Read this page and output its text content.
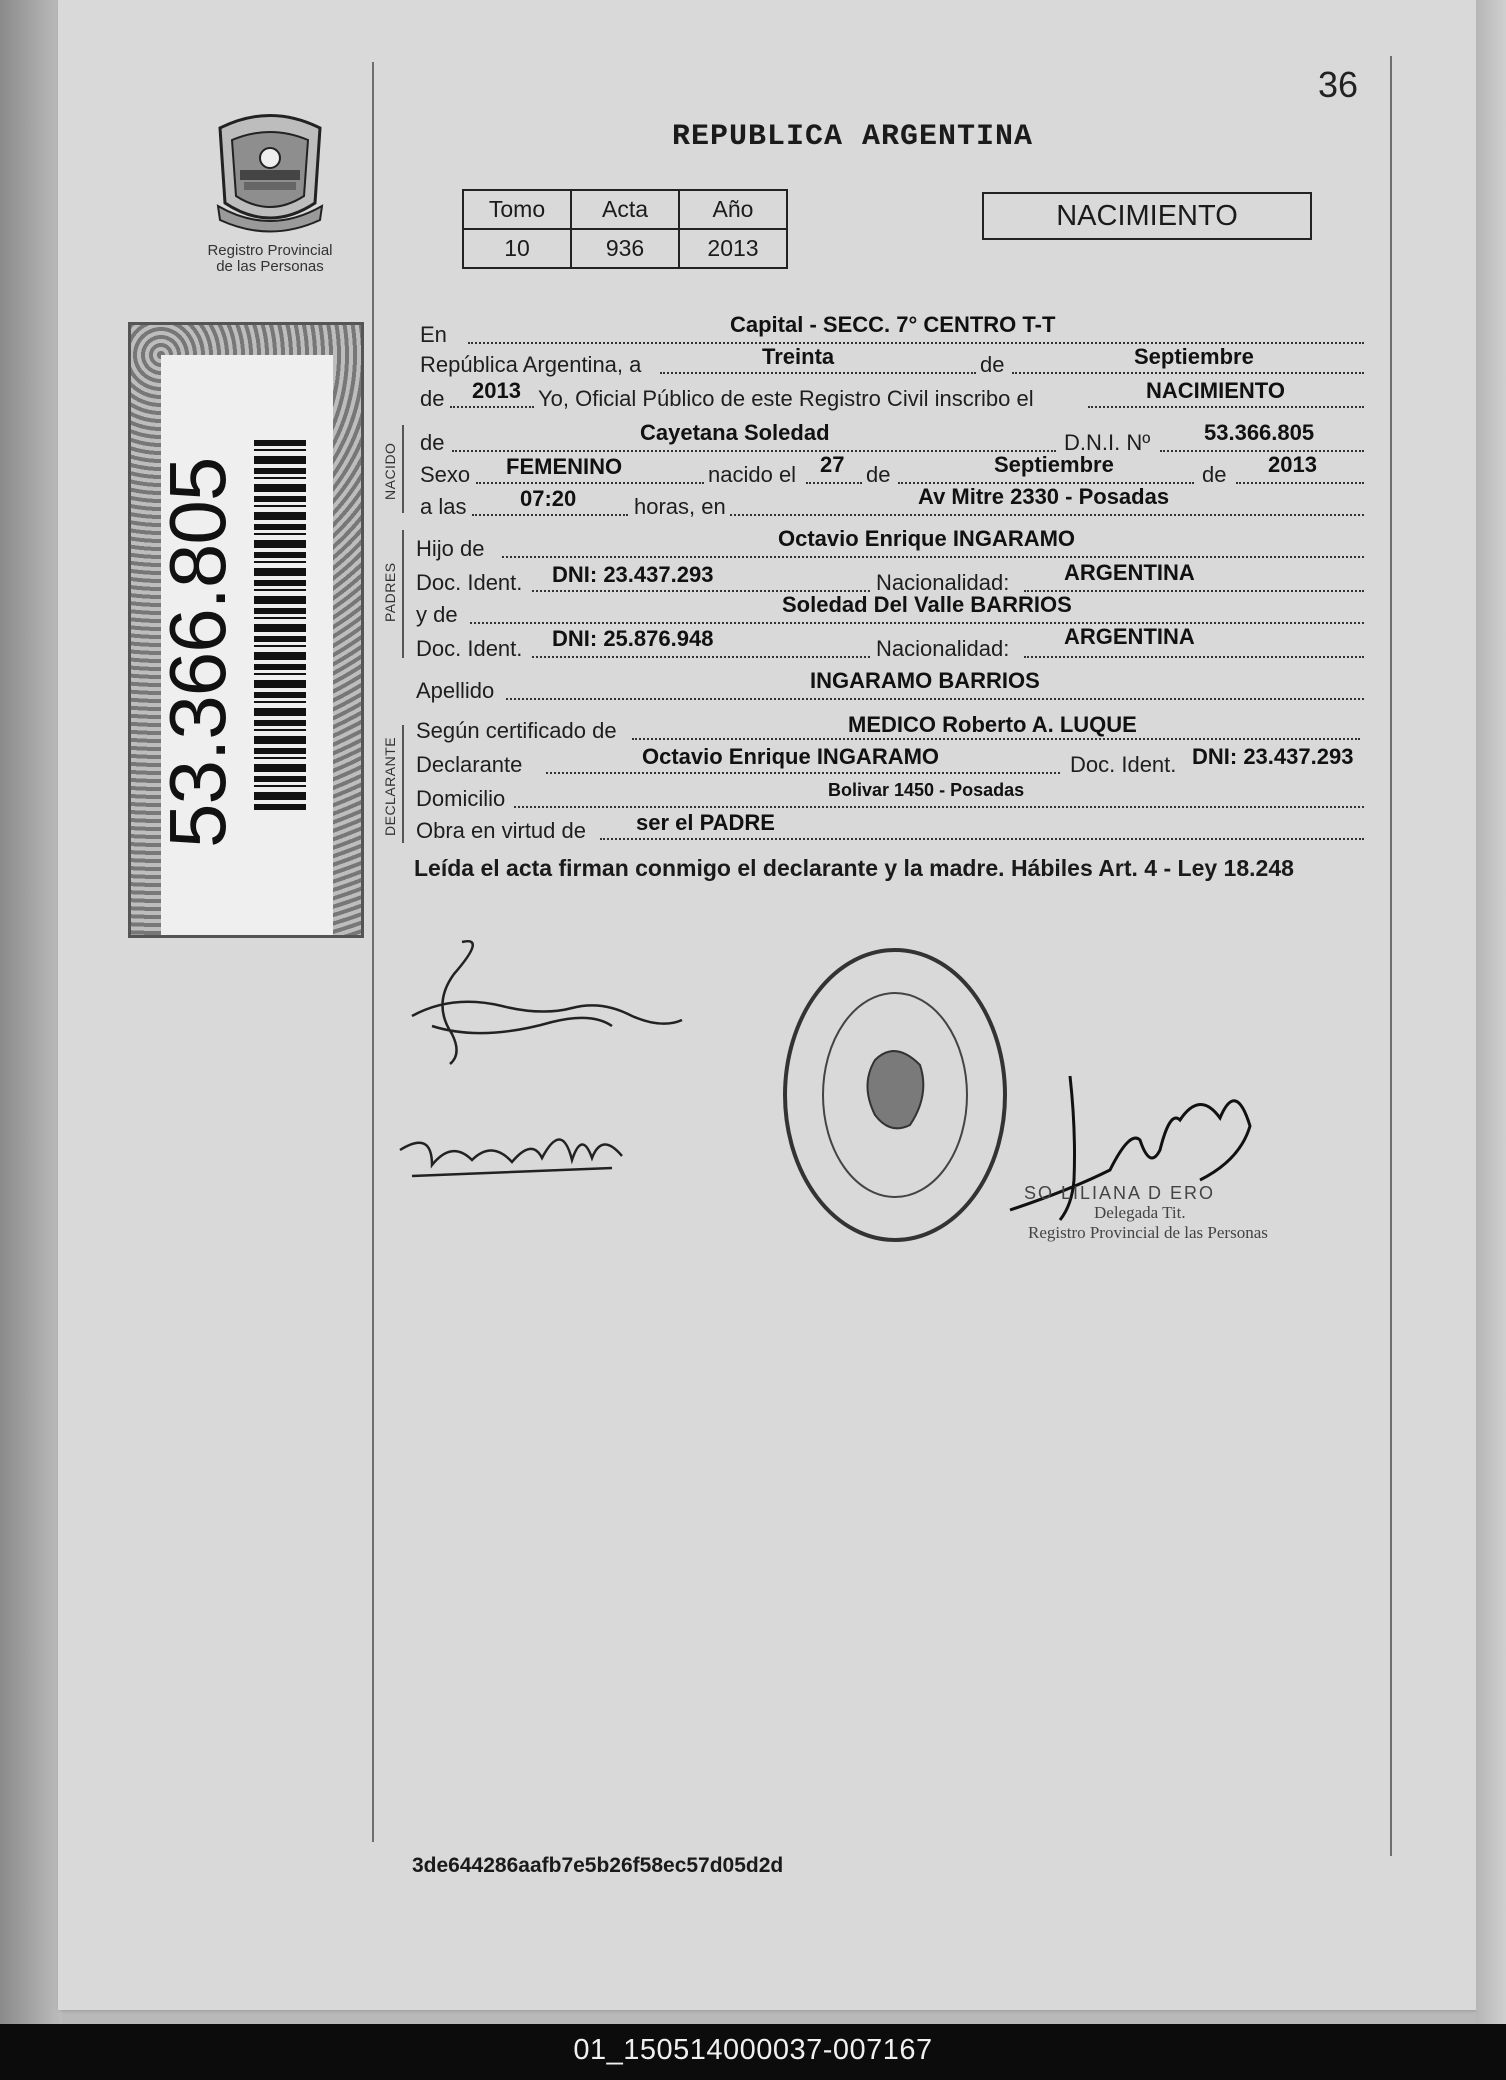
36
REPUBLICA ARGENTINA
Registro Provincial
de las Personas
Tomo	Acta	Año
10	936	2013
NACIMIENTO
53.366.805	NACIDO
PADRES
DECLARANTE
En	Capital - SECC. 7° CENTRO T-T
República Argentina, a	Treinta	de	Septiembre
de 2013 Yo, Oficial Público de este Registro Civil inscribo el	NACIMIENTO
de	Cayetana Soledad	D.N.I. Nº 53.366.805
Sexo FEMENINO	nacido el 27 de	Septiembre	de 2013
a las 07:20	horas, en	Av Mitre 2330 - Posadas
Hijo de	Octavio Enrique INGARAMO
Doc. Ident. DNI: 23.437.293	Nacionalidad: ARGENTINA
y de	Soledad Del Valle BARRIOS
Doc. Ident. DNI: 25.876.948	Nacionalidad: ARGENTINA
Apellido	INGARAMO BARRIOS
Según certificado de	MEDICO Roberto A. LUQUE
Declarante	Octavio Enrique INGARAMO	Doc. Ident. DNI: 23.437.293
Domicilio	Bolivar 1450 - Posadas
Obra en virtud de ser el PADRE
Leída el acta firman conmigo el declarante y la madre. Hábiles Art. 4 - Ley 18.248
SO LILIANA D ERO
Delegada Tit.
Registro Provincial de las Personas
3de644286aafb7e5b26f58ec57d05d2d
01_150514000037-007167
